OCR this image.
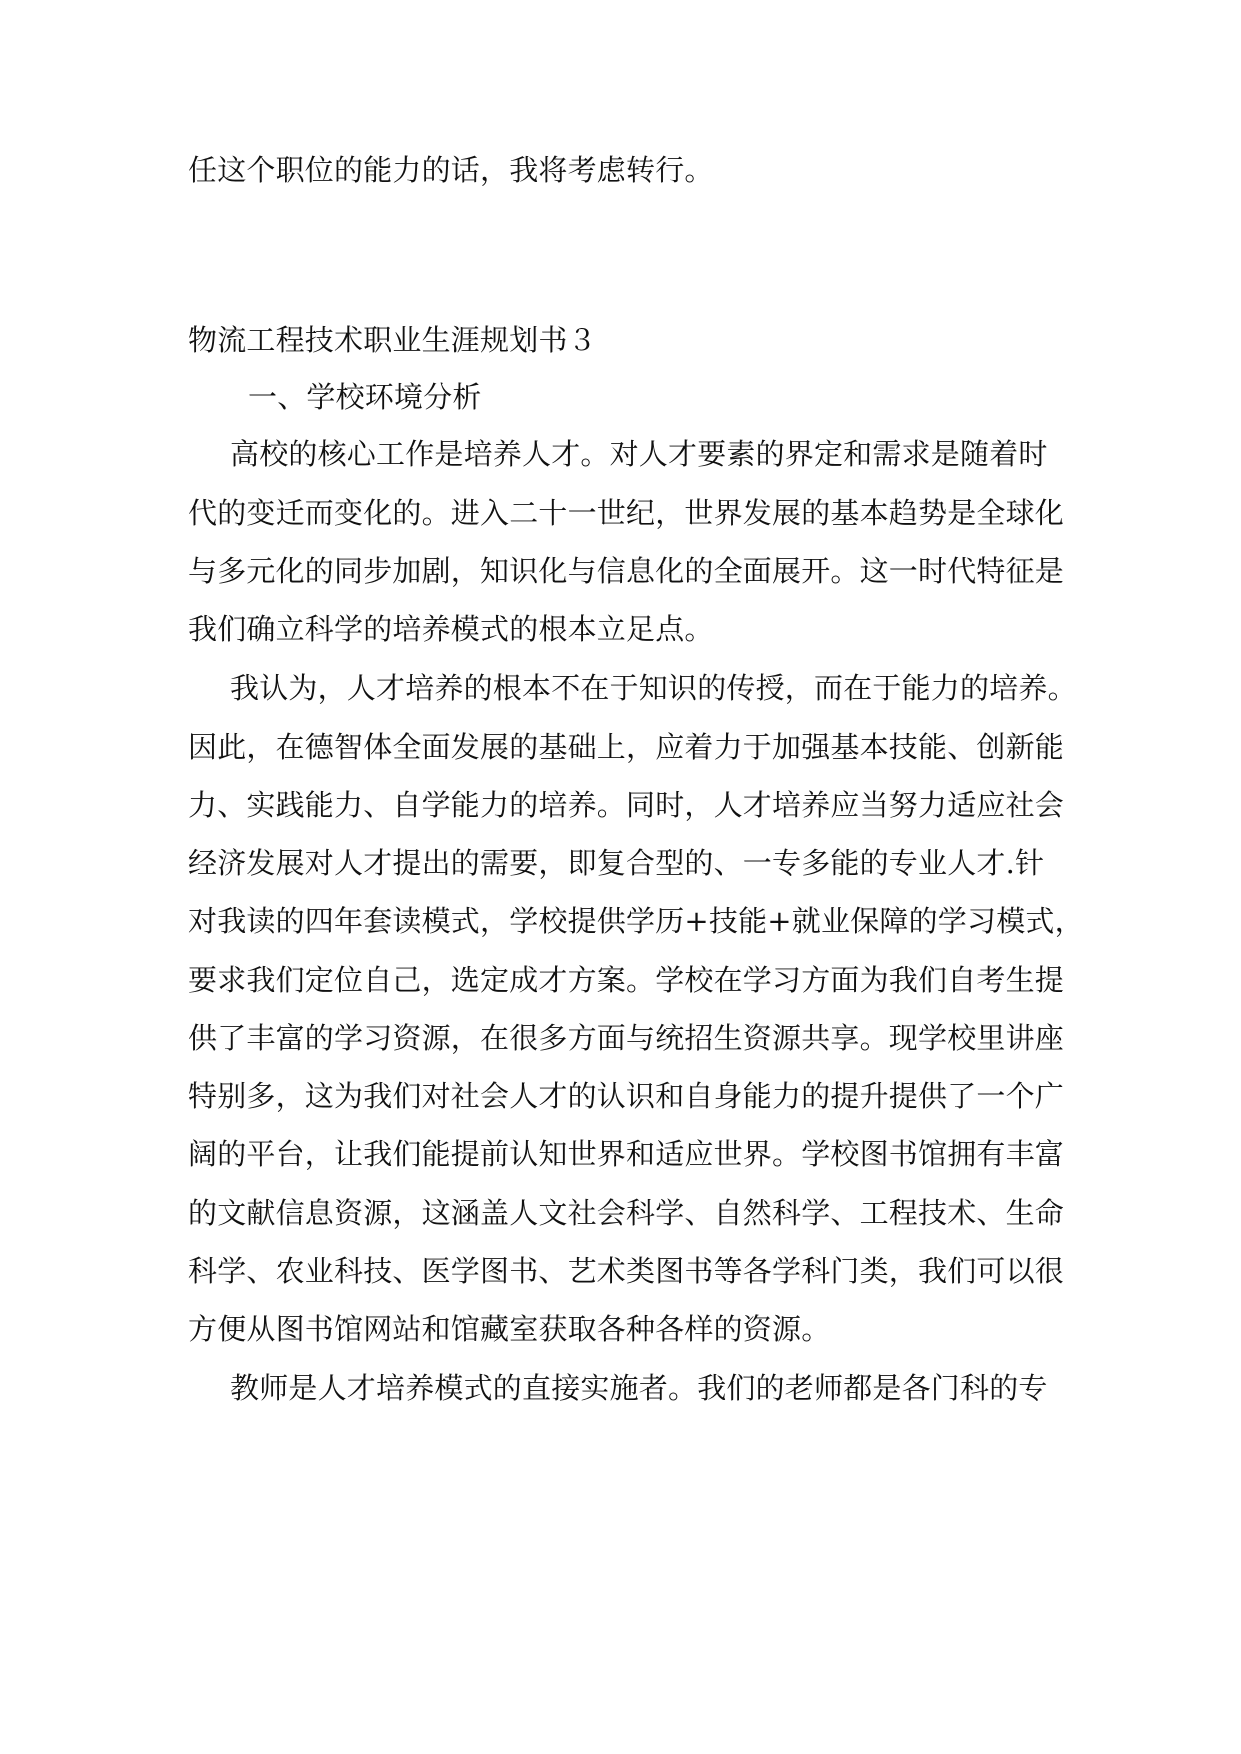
任这个职位的能力的话，我将考虑转行。
物流工程技术职业生涯规划书３
一、学校环境分析
高校的核心工作是培养人才。对人才要素的界定和需求是随着时
代的变迁而变化的。进入二十一世纪，世界发展的基本趋势是全球化
与多元化的同步加剧，知识化与信息化的全面展开。这一时代特征是
我们确立科学的培养模式的根本立足点。
我认为，人才培养的根本不在于知识的传授，而在于能力的培养。
因此，在德智体全面发展的基础上，应着力于加强基本技能、创新能
力、实践能力、自学能力的培养。同时，人才培养应当努力适应社会
经济发展对人才提出的需要，即复合型的、一专多能的专业人才.针
对我读的四年套读模式，学校提供学历+技能+就业保障的学习模式，
要求我们定位自己，选定成才方案。学校在学习方面为我们自考生提
供了丰富的学习资源，在很多方面与统招生资源共享。现学校里讲座
特别多，这为我们对社会人才的认识和自身能力的提升提供了一个广
阔的平台，让我们能提前认知世界和适应世界。学校图书馆拥有丰富
的文献信息资源，这涵盖人文社会科学、自然科学、工程技术、生命
科学、农业科技、医学图书、艺术类图书等各学科门类，我们可以很
方便从图书馆网站和馆藏室获取各种各样的资源。
教师是人才培养模式的直接实施者。我们的老师都是各门科的专
